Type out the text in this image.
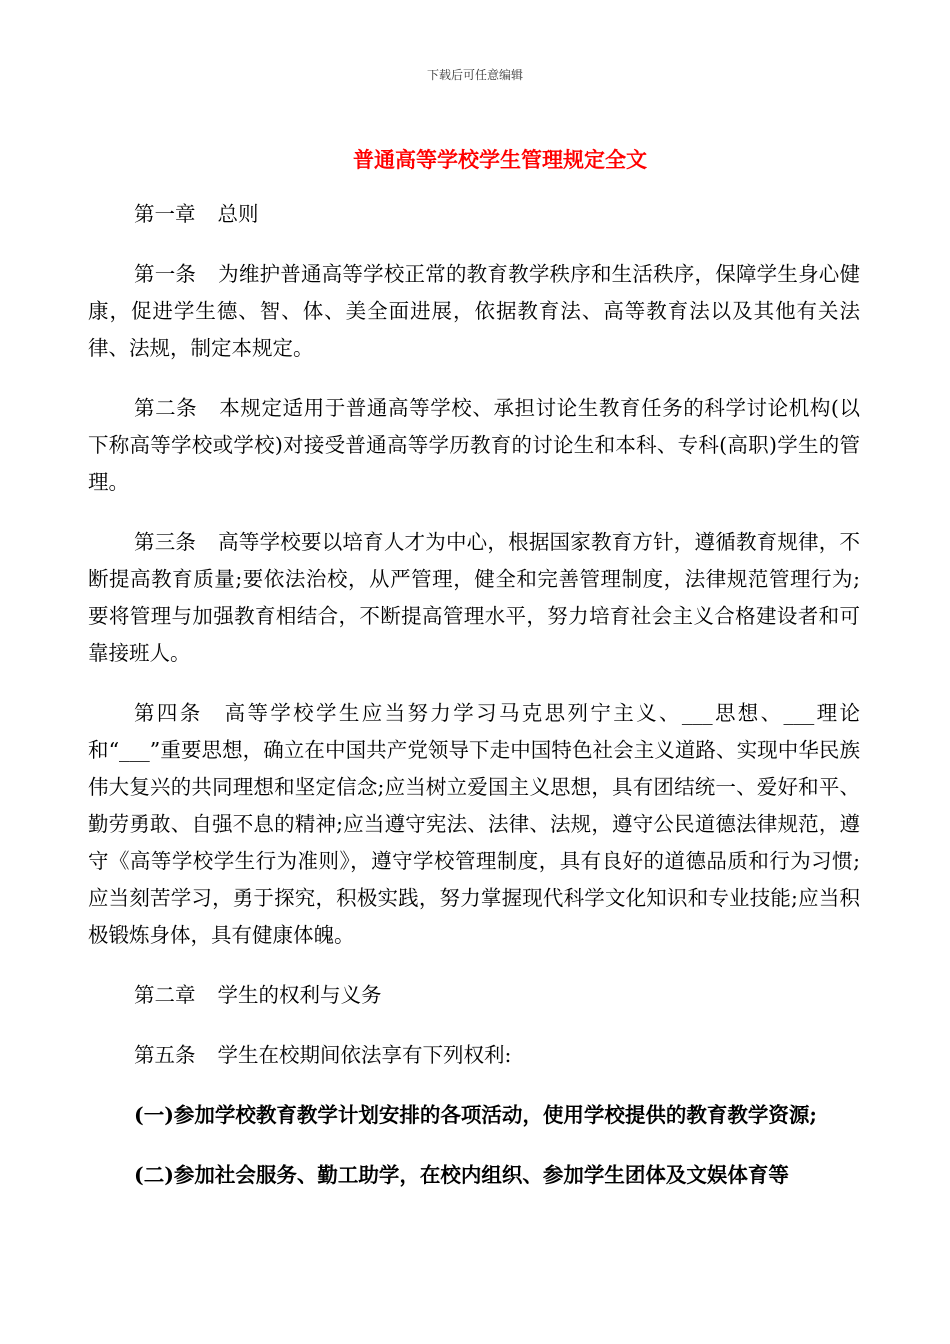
下载后可任意编辑
普通高等学校学生管理规定全文

第一章 总则

第一条 为维护普通高等学校正常的教育教学秩序和生活秩序，保障学生身心健康，促进学生德、智、体、美全面进展，依据教育法、高等教育法以及其他有关法律、法规，制定本规定。

第二条 本规定适用于普通高等学校、承担讨论生教育任务的科学讨论机构(以下称高等学校或学校)对接受普通高等学历教育的讨论生和本科、专科(高职)学生的管理。

第三条 高等学校要以培育人才为中心，根据国家教育方针，遵循教育规律，不断提高教育质量;要依法治校，从严管理，健全和完善管理制度，法律规范管理行为;要将管理与加强教育相结合，不断提高管理水平，努力培育社会主义合格建设者和可靠接班人。

第四条 高等学校学生应当努力学习马克思列宁主义、___思想、___理论和“___”重要思想，确立在中国共产党领导下走中国特色社会主义道路、实现中华民族伟大复兴的共同理想和坚定信念;应当树立爱国主义思想，具有团结统一、爱好和平、勤劳勇敢、自强不息的精神;应当遵守宪法、法律、法规，遵守公民道德法律规范，遵守《高等学校学生行为准则》，遵守学校管理制度，具有良好的道德品质和行为习惯;应当刻苦学习，勇于探究，积极实践，努力掌握现代科学文化知识和专业技能;应当积极锻炼身体，具有健康体魄。

第二章 学生的权利与义务

第五条 学生在校期间依法享有下列权利:

(一)参加学校教育教学计划安排的各项活动，使用学校提供的教育教学资源;

(二)参加社会服务、勤工助学，在校内组织、参加学生团体及文娱体育等
